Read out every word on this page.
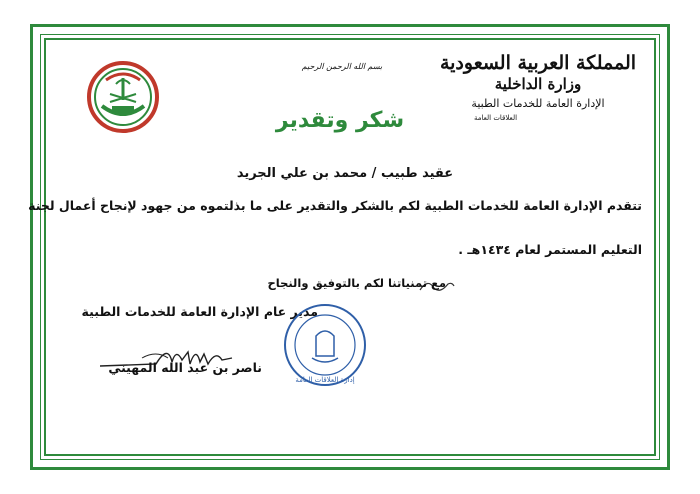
المملكة العربية السعودية
وزارة الداخلية
الإدارة العامة للخدمات الطبية
العلاقات العامة
بسم الله الرحمن الرحيم
شكر وتقدير
عقيد طبيب / محمد بن علي الجريد
تتقدم الإدارة العامة للخدمات الطبية لكم بالشكر والتقدير على ما بذلتموه من جهود لإنجاح أعمال لجنة
التعليم المستمر لعام ١٤٣٤هـ .
مع تمنياتنا لكم بالتوفيق والنجاح
مدير عام الإدارة العامة للخدمات الطبية
ناصر بن عبد الله المهيني
إدارة العلاقات العامة
